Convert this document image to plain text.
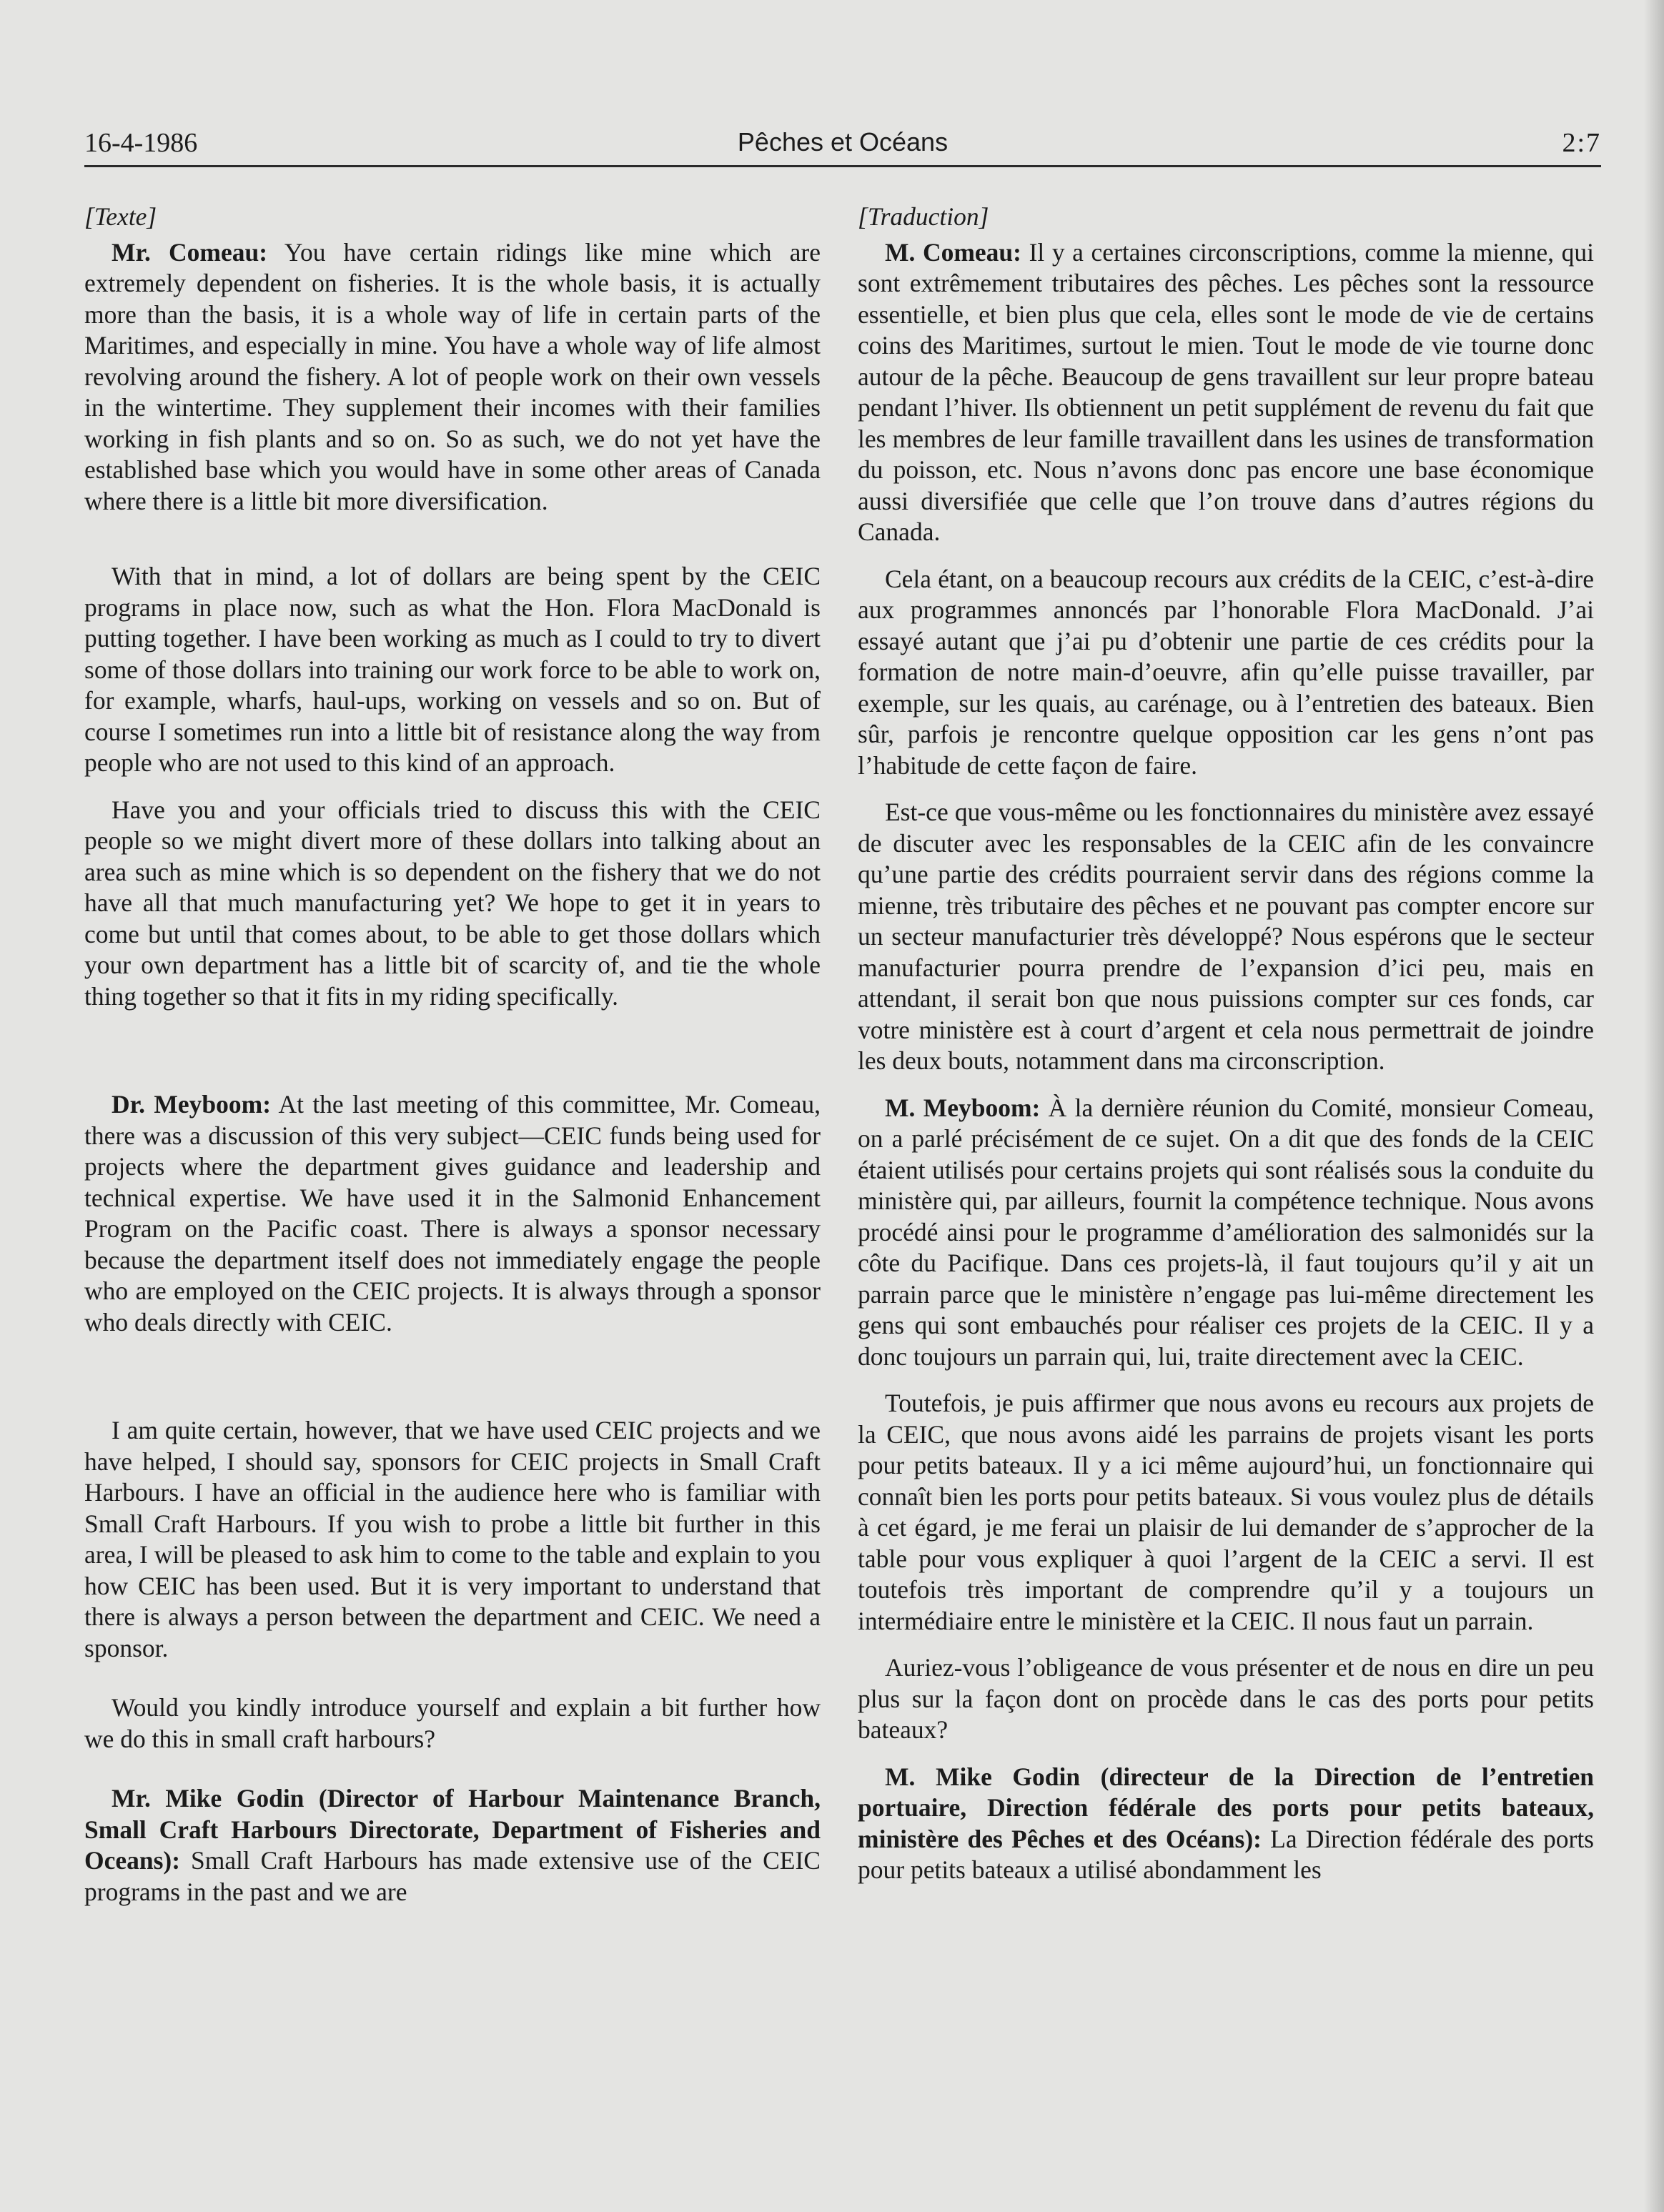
16-4-1986	Pêches et Océans	2:7
[Texte]

Mr. Comeau: You have certain ridings like mine which are extremely dependent on fisheries. It is the whole basis, it is actually more than the basis, it is a whole way of life in certain parts of the Maritimes, and especially in mine. You have a whole way of life almost revolving around the fishery. A lot of people work on their own vessels in the wintertime. They supplement their incomes with their families working in fish plants and so on. So as such, we do not yet have the established base which you would have in some other areas of Canada where there is a little bit more diversification.

With that in mind, a lot of dollars are being spent by the CEIC programs in place now, such as what the Hon. Flora MacDonald is putting together. I have been working as much as I could to try to divert some of those dollars into training our work force to be able to work on, for example, wharfs, haul-ups, working on vessels and so on. But of course I sometimes run into a little bit of resistance along the way from people who are not used to this kind of an approach.

Have you and your officials tried to discuss this with the CEIC people so we might divert more of these dollars into talking about an area such as mine which is so dependent on the fishery that we do not have all that much manufacturing yet? We hope to get it in years to come but until that comes about, to be able to get those dollars which your own department has a little bit of scarcity of, and tie the whole thing together so that it fits in my riding specifically.

Dr. Meyboom: At the last meeting of this committee, Mr. Comeau, there was a discussion of this very subject—CEIC funds being used for projects where the department gives guidance and leadership and technical expertise. We have used it in the Salmonid Enhancement Program on the Pacific coast. There is always a sponsor necessary because the department itself does not immediately engage the people who are employed on the CEIC projects. It is always through a sponsor who deals directly with CEIC.

I am quite certain, however, that we have used CEIC projects and we have helped, I should say, sponsors for CEIC projects in Small Craft Harbours. I have an official in the audience here who is familiar with Small Craft Harbours. If you wish to probe a little bit further in this area, I will be pleased to ask him to come to the table and explain to you how CEIC has been used. But it is very important to understand that there is always a person between the department and CEIC. We need a sponsor.

Would you kindly introduce yourself and explain a bit further how we do this in small craft harbours?

Mr. Mike Godin (Director of Harbour Maintenance Branch, Small Craft Harbours Directorate, Department of Fisheries and Oceans): Small Craft Harbours has made extensive use of the CEIC programs in the past and we are

[Traduction]

M. Comeau: Il y a certaines circonscriptions, comme la mienne, qui sont extrêmement tributaires des pêches. Les pêches sont la ressource essentielle, et bien plus que cela, elles sont le mode de vie de certains coins des Maritimes, surtout le mien. Tout le mode de vie tourne donc autour de la pêche. Beaucoup de gens travaillent sur leur propre bateau pendant l’hiver. Ils obtiennent un petit supplément de revenu du fait que les membres de leur famille travaillent dans les usines de transformation du poisson, etc. Nous n’avons donc pas encore une base économique aussi diversifiée que celle que l’on trouve dans d’autres régions du Canada.

Cela étant, on a beaucoup recours aux crédits de la CEIC, c’est-à-dire aux programmes annoncés par l’honorable Flora MacDonald. J’ai essayé autant que j’ai pu d’obtenir une partie de ces crédits pour la formation de notre main-d’oeuvre, afin qu’elle puisse travailler, par exemple, sur les quais, au carénage, ou à l’entretien des bateaux. Bien sûr, parfois je rencontre quelque opposition car les gens n’ont pas l’habitude de cette façon de faire.

Est-ce que vous-même ou les fonctionnaires du ministère avez essayé de discuter avec les responsables de la CEIC afin de les convaincre qu’une partie des crédits pourraient servir dans des régions comme la mienne, très tributaire des pêches et ne pouvant pas compter encore sur un secteur manufacturier très développé? Nous espérons que le secteur manufacturier pourra prendre de l’expansion d’ici peu, mais en attendant, il serait bon que nous puissions compter sur ces fonds, car votre ministère est à court d’argent et cela nous permettrait de joindre les deux bouts, notamment dans ma circonscription.

M. Meyboom: À la dernière réunion du Comité, monsieur Comeau, on a parlé précisément de ce sujet. On a dit que des fonds de la CEIC étaient utilisés pour certains projets qui sont réalisés sous la conduite du ministère qui, par ailleurs, fournit la compétence technique. Nous avons procédé ainsi pour le programme d’amélioration des salmonidés sur la côte du Pacifique. Dans ces projets-là, il faut toujours qu’il y ait un parrain parce que le ministère n’engage pas lui-même directement les gens qui sont embauchés pour réaliser ces projets de la CEIC. Il y a donc toujours un parrain qui, lui, traite directement avec la CEIC.

Toutefois, je puis affirmer que nous avons eu recours aux projets de la CEIC, que nous avons aidé les parrains de projets visant les ports pour petits bateaux. Il y a ici même aujourd’hui, un fonctionnaire qui connaît bien les ports pour petits bateaux. Si vous voulez plus de détails à cet égard, je me ferai un plaisir de lui demander de s’approcher de la table pour vous expliquer à quoi l’argent de la CEIC a servi. Il est toutefois très important de comprendre qu’il y a toujours un intermédiaire entre le ministère et la CEIC. Il nous faut un parrain.

Auriez-vous l’obligeance de vous présenter et de nous en dire un peu plus sur la façon dont on procède dans le cas des ports pour petits bateaux?

M. Mike Godin (directeur de la Direction de l’entretien portuaire, Direction fédérale des ports pour petits bateaux, ministère des Pêches et des Océans): La Direction fédérale des ports pour petits bateaux a utilisé abondamment les
